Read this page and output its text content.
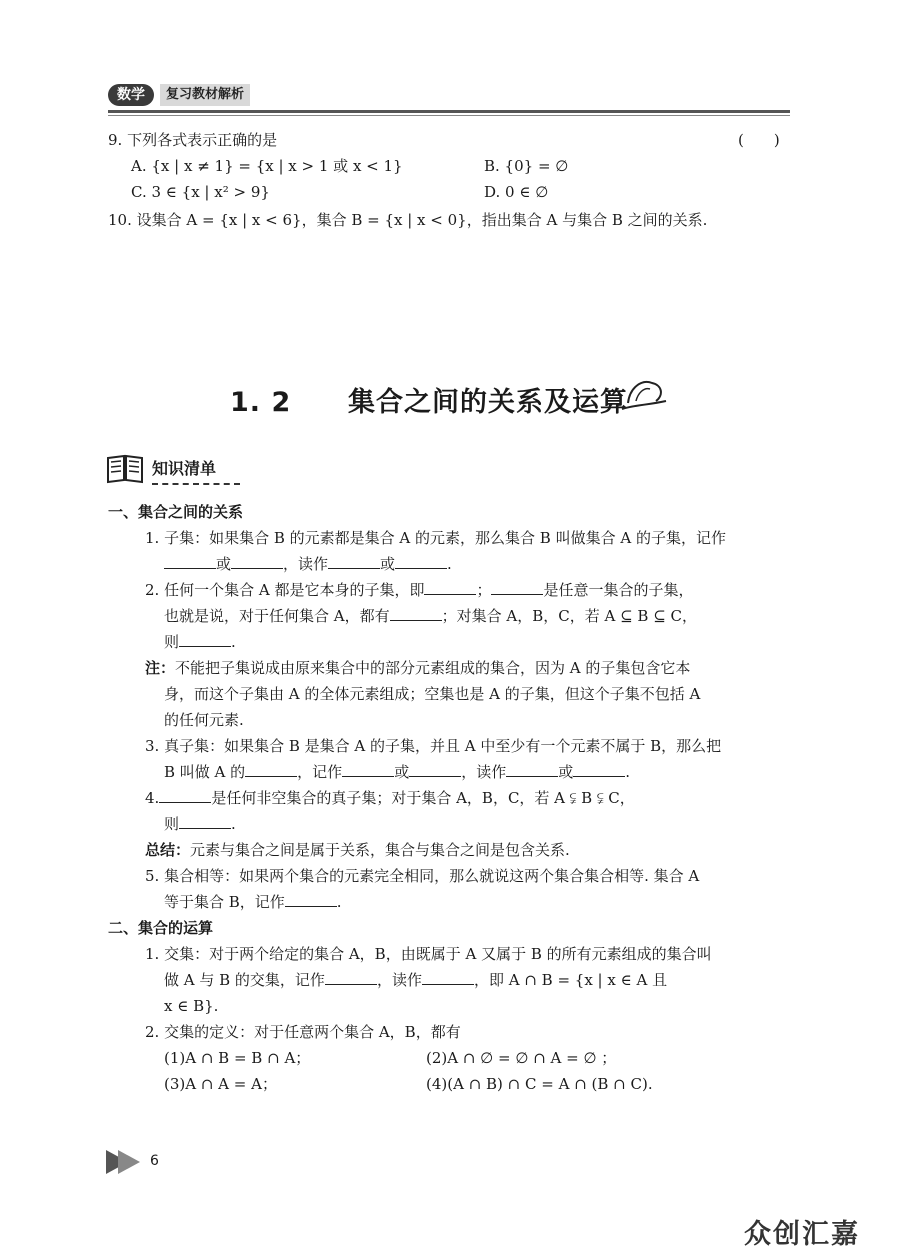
数学	复习教材解析
9. 下列各式表示正确的是	(　　)
A. {x | x ≠ 1} = {x | x > 1 或 x < 1}	B. {0} = ∅
C. 3 ∈ {x | x² > 9}	D. 0 ∈ ∅
10. 设集合 A = {x | x < 6}，集合 B = {x | x < 0}，指出集合 A 与集合 B 之间的关系.
1. 2 集合之间的关系及运算
知识清单
一、集合之间的关系
1. 子集：如果集合 B 的元素都是集合 A 的元素，那么集合 B 叫做集合 A 的子集，记作
或	，读作	或	.
2. 任何一个集合 A 都是它本身的子集，即	；	是任意一集合的子集，
也就是说，对于任何集合 A，都有	；对集合 A，B，C，若 A ⊆ B ⊆ C，
则	.
注：不能把子集说成由原来集合中的部分元素组成的集合，因为 A 的子集包含它本
身，而这个子集由 A 的全体元素组成；空集也是 A 的子集，但这个子集不包括 A
的任何元素.
3. 真子集：如果集合 B 是集合 A 的子集，并且 A 中至少有一个元素不属于 B，那么把
B 叫做 A 的	，记作	或	，读作	或	.
4.	是任何非空集合的真子集；对于集合 A，B，C，若 A ⫋ B ⫋ C，
则	.
总结：元素与集合之间是属于关系，集合与集合之间是包含关系.
5. 集合相等：如果两个集合的元素完全相同，那么就说这两个集合集合相等. 集合 A
等于集合 B，记作	.
二、集合的运算
1. 交集：对于两个给定的集合 A，B，由既属于 A 又属于 B 的所有元素组成的集合叫
做 A 与 B 的交集，记作	，读作	，即 A ∩ B = {x | x ∈ A 且
x ∈ B}.
2. 交集的定义：对于任意两个集合 A，B，都有
(1)A ∩ B = B ∩ A；	(2)A ∩ ∅ = ∅ ∩ A = ∅ ；
(3)A ∩ A = A；	(4)(A ∩ B) ∩ C = A ∩ (B ∩ C).
6
众创汇嘉
